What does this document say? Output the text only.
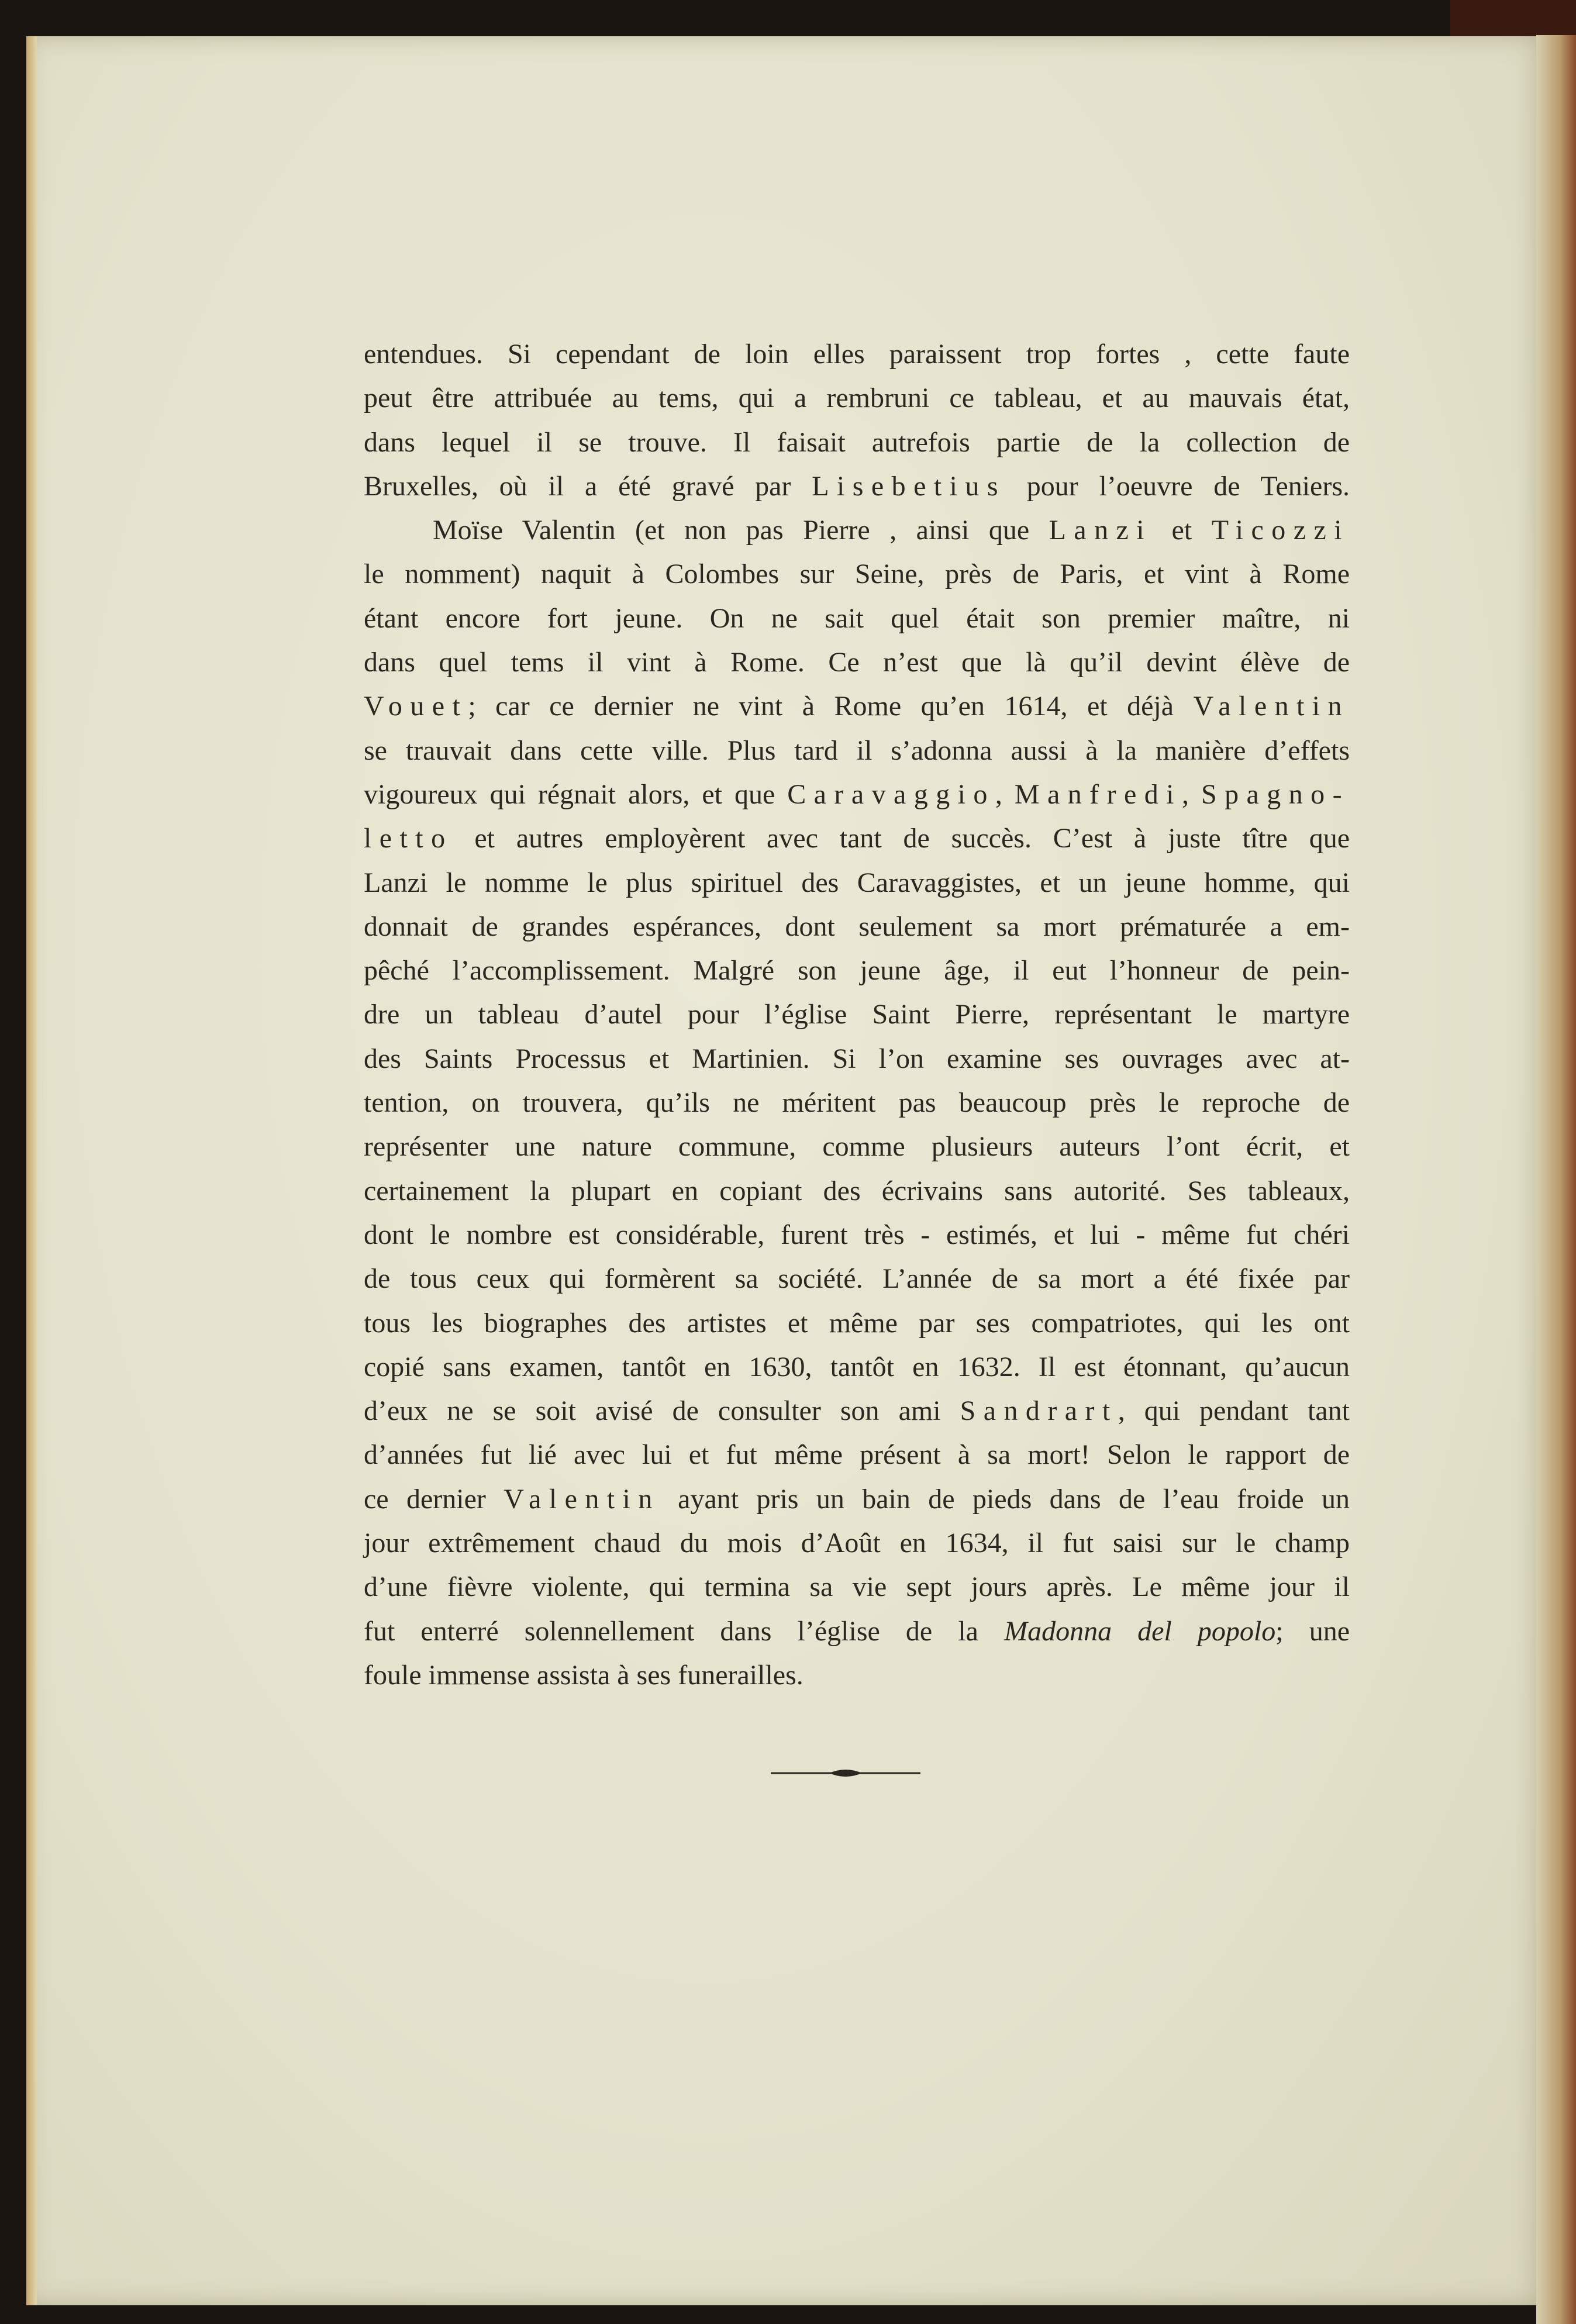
entendues. Si cependant de loin elles paraissent trop fortes , cette faute
peut être attribuée au tems, qui a rembruni ce tableau, et au mauvais état,
dans lequel il se trouve. Il faisait autrefois partie de la collection de
Bruxelles, où il a été gravé par Lisebetius pour l’oeuvre de Teniers.
Moïse Valentin (et non pas Pierre , ainsi que Lanzi et Ticozzi
le nomment) naquit à Colombes sur Seine, près de Paris, et vint à Rome
étant encore fort jeune. On ne sait quel était son premier maître, ni
dans quel tems il vint à Rome. Ce n’est que là qu’il devint élève de
Vouet; car ce dernier ne vint à Rome qu’en 1614, et déjà Valentin
se trauvait dans cette ville. Plus tard il s’adonna aussi à la manière d’effets
vigoureux qui régnait alors, et que Caravaggio, Manfredi, Spagno-
letto et autres employèrent avec tant de succès. C’est à juste tître que
Lanzi le nomme le plus spirituel des Caravaggistes, et un jeune homme, qui
donnait de grandes espérances, dont seulement sa mort prématurée a em-
pêché l’accomplissement. Malgré son jeune âge, il eut l’honneur de pein-
dre un tableau d’autel pour l’église Saint Pierre, représentant le martyre
des Saints Processus et Martinien. Si l’on examine ses ouvrages avec at-
tention, on trouvera, qu’ils ne méritent pas beaucoup près le reproche de
représenter une nature commune, comme plusieurs auteurs l’ont écrit, et
certainement la plupart en copiant des écrivains sans autorité. Ses tableaux,
dont le nombre est considérable, furent très - estimés, et lui - même fut chéri
de tous ceux qui formèrent sa société. L’année de sa mort a été fixée par
tous les biographes des artistes et même par ses compatriotes, qui les ont
copié sans examen, tantôt en 1630, tantôt en 1632. Il est étonnant, qu’aucun
d’eux ne se soit avisé de consulter son ami Sandrart, qui pendant tant
d’années fut lié avec lui et fut même présent à sa mort! Selon le rapport de
ce dernier Valentin ayant pris un bain de pieds dans de l’eau froide un
jour extrêmement chaud du mois d’Août en 1634, il fut saisi sur le champ
d’une fièvre violente, qui termina sa vie sept jours après. Le même jour il
fut enterré solennellement dans l’église de la Madonna del popolo; une
foule immense assista à ses funerailles.
